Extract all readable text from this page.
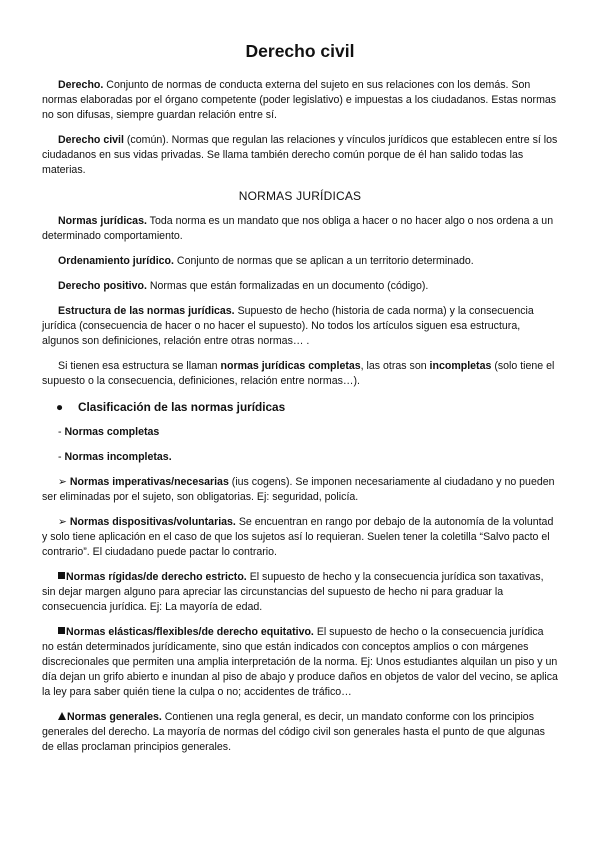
Derecho civil

Derecho. Conjunto de normas de conducta externa del sujeto en sus relaciones con los demás. Son normas elaboradas por el órgano competente (poder legislativo) e impuestas a los ciudadanos. Estas normas no son difusas, siempre guardan relación entre sí.

Derecho civil (común). Normas que regulan las relaciones y vínculos jurídicos que establecen entre sí los ciudadanos en sus vidas privadas. Se llama también derecho común porque de él han salido todas las materias.

NORMAS JURÍDICAS

Normas jurídicas. Toda norma es un mandato que nos obliga a hacer o no hacer algo o nos ordena a un determinado comportamiento.

Ordenamiento jurídico. Conjunto de normas que se aplican a un territorio determinado.

Derecho positivo. Normas que están formalizadas en un documento (código).

Estructura de las normas jurídicas. Supuesto de hecho (historia de cada norma) y la consecuencia jurídica (consecuencia de hacer o no hacer el supuesto). No todos los artículos siguen esa estructura, algunos son definiciones, relación entre otras normas… .

Si tienen esa estructura se llaman normas jurídicas completas, las otras son incompletas (solo tiene el supuesto o la consecuencia, definiciones, relación entre normas…).

● Clasificación de las normas jurídicas
- Normas completas
- Normas incompletas.

➢ Normas imperativas/necesarias (ius cogens). Se imponen necesariamente al ciudadano y no pueden ser eliminadas por el sujeto, son obligatorias. Ej: seguridad, policía.

➢ Normas dispositivas/voluntarias. Se encuentran en rango por debajo de la autonomía de la voluntad y solo tiene aplicación en el caso de que los sujetos así lo requieran. Suelen tener la coletilla “Salvo pacto el contrario”. El ciudadano puede pactar lo contrario.

Normas rígidas/de derecho estricto. El supuesto de hecho y la consecuencia jurídica son taxativas, sin dejar margen alguno para apreciar las circunstancias del supuesto de hecho ni para graduar la consecuencia jurídica. Ej: La mayoría de edad.

Normas elásticas/flexibles/de derecho equitativo. El supuesto de hecho o la consecuencia jurídica no están determinados jurídicamente, sino que están indicados con conceptos amplios o con márgenes discrecionales que permiten una amplia interpretación de la norma. Ej: Unos estudiantes alquilan un piso y un día dejan un grifo abierto e inundan al piso de abajo y produce daños en objetos de valor del vecino, se aplica la ley para saber quién tiene la culpa o no; accidentes de tráfico…

Normas generales. Contienen una regla general, es decir, un mandato conforme con los principios generales del derecho. La mayoría de normas del código civil son generales hasta el punto de que algunas de ellas proclaman principios generales.
